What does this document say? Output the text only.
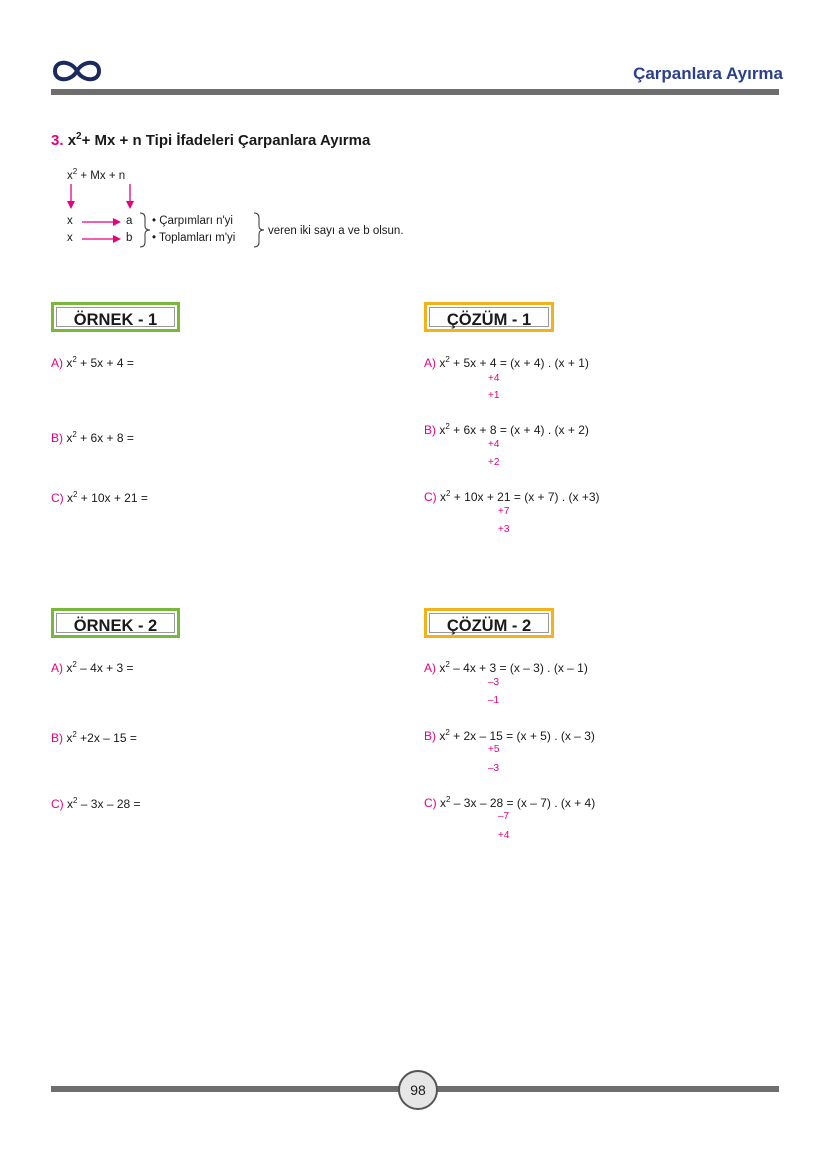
Çarpanlara Ayırma
3. $x^2+ Mx + n$ Tipi İfadeleri Çarpanlara Ayırma
$x^2 + Mx + n$
x	a
x	b
• Çarpımları n'yi
• Toplamları m'yi
veren iki sayı a ve b olsun.
ÖRNEK - 1
A) $x^2 + 5x + 4$ =
B) $x^2 + 6x + 8$ =
C) $x^2 + 10x + 21$ =
ÇÖZÜM - 1
A) $x^2 + 5x + 4 = (x + 4)$ . (x + 1)
+4
+1
B) $x^2 + 6x + 8 = (x + 4)$ . (x + 2)
+4
+2
C) $x^2 + 10x + 21 = (x + 7)$ . (x +3)
+7
+3
ÖRNEK - 2
A) $x^2 - 4x + 3$ =
B) $x^2 +2x - 15$ =
C) $x^2 - 3x - 28$ =
ÇÖZÜM - 2
A) $x^2 - 4x + 3 = (x - 3)$ . (x – 1)
–3
–1
B) $x^2 + 2x - 15 = (x + 5)$ . (x – 3)
+5
–3
C) $x^2 - 3x - 28 = (x - 7)$ . (x + 4)
–7
+4
98
